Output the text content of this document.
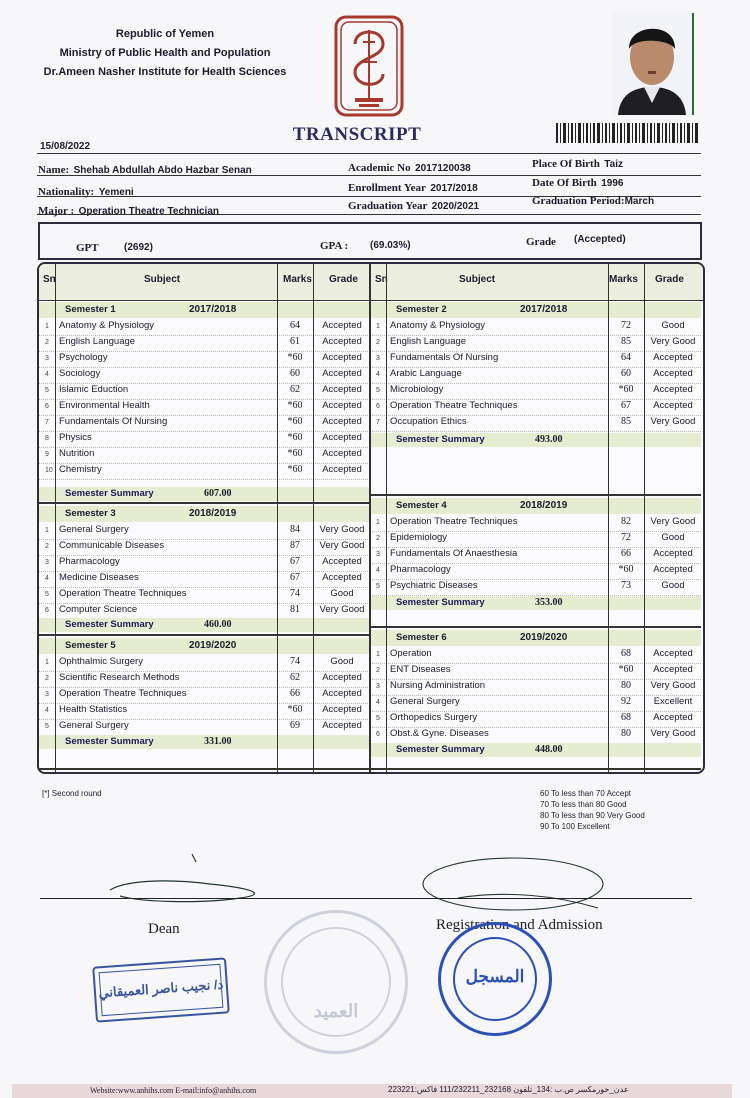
Republic of Yemen
Ministry of Public Health and Population
Dr.Ameen Nasher Institute for Health Sciences
TRANSCRIPT
15/08/2022
Name: Shehab Abdullah Abdo Hazbar Senan
Nationality: Yemeni
Major : Operation Theatre Technician
Academic No 2017120038
Enrollment Year 2017/2018
Graduation Year 2020/2021
Place Of Birth Taiz
Date Of Birth 1996
Graduation Period:March
GPT	(2692)	GPA : (69.03%)	Grade (Accepted)
Sn	Subject	Marks Grade Sn	Subject	Marks Grade
Semester 1	2017/2018
1 Anatomy & Physiology	64	Accepted
2 English Language	61	Accepted
3 Psychology	*60	Accepted
4 Sociology	60	Accepted
5 Islamic Eduction	62	Accepted
6 Environmental Health	*60	Accepted
7 Fundamentals Of Nursing	*60	Accepted
8 Physics	*60	Accepted
9 Nutrition	*60	Accepted
10 Chemistry	*60	Accepted
Semester Summary	607.00
Semester 2	2017/2018
1 Anatomy & Physiology	72	Good
2 English Language	85	Very Good
3 Fundamentals Of Nursing	64	Accepted
4 Arabic Language	60	Accepted
5 Microbiology	*60	Accepted
6 Operation Theatre Techniques	67	Accepted
7 Occupation Ethics	85	Very Good
Semester Summary	493.00
Semester 3	2018/2019
1 General Surgery	84	Very Good
2 Communicable Diseases	87	Very Good
3 Pharmacology	67	Accepted
4 Medicine Diseases	67	Accepted
5 Operation Theatre Techniques	74	Good
6 Computer Science	81	Very Good
Semester Summary	460.00
Semester 4	2018/2019
1 Operation Theatre Techniques	82	Very Good
2 Epidemiology	72	Good
3 Fundamentals Of Anaesthesia	66	Accepted
4 Pharmacology	*60	Accepted
5 Psychiatric Diseases	73	Good
Semester Summary	353.00
Semester 5	2019/2020
1 Ophthalmic Surgery	74	Good
2 Scientific Research Methods	62	Accepted
3 Operation Theatre Techniques	66	Accepted
4 Health Statistics	*60	Accepted
5 General Surgery	69	Accepted
Semester Summary	331.00
Semester 6	2019/2020
1 Operation	68	Accepted
2 ENT Diseases	*60	Accepted
3 Nursing Administration	80	Very Good
4 General Surgery	92	Excellent
5 Orthopedics Surgery	68	Accepted
6 Obst.& Gyne. Diseases	80	Very Good
Semester Summary	448.00
[*] Second round	60 To less than 70 Accept
70 To less than 80 Good
80 To less than 90 Very Good
90 To 100 Excellent
Dean	Registration and Admission
د/ نجيب ناصر العميقاني
العميد
المسجل
Website:www.anhihs.com E-mail:info@anhihs.com	عدن_خورمكسر ص.ب :134_تلفون 232168_111/232211 فاكس:223221
